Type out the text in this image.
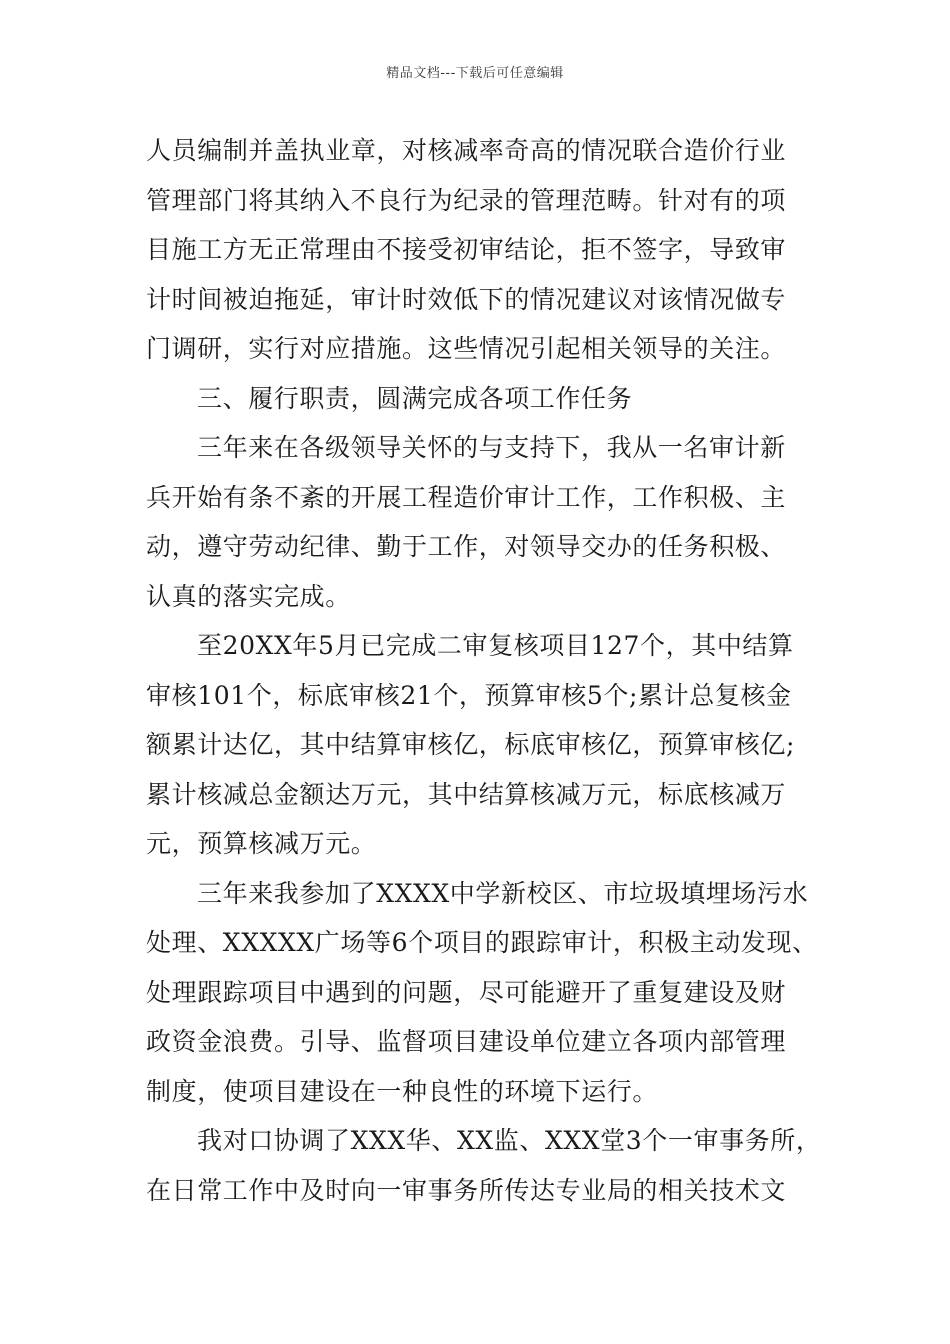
精品文档---下载后可任意编辑
人员编制并盖执业章，对核减率奇高的情况联合造价行业
管理部门将其纳入不良行为纪录的管理范畴。针对有的项
目施工方无正常理由不接受初审结论，拒不签字，导致审
计时间被迫拖延，审计时效低下的情况建议对该情况做专
门调研，实行对应措施。这些情况引起相关领导的关注。
三、履行职责，圆满完成各项工作任务
三年来在各级领导关怀的与支持下，我从一名审计新
兵开始有条不紊的开展工程造价审计工作，工作积极、主
动，遵守劳动纪律、勤于工作，对领导交办的任务积极、
认真的落实完成。
至20XX年5月已完成二审复核项目127个，其中结算
审核101个，标底审核21个，预算审核5个;累计总复核金
额累计达亿，其中结算审核亿，标底审核亿，预算审核亿;
累计核减总金额达万元，其中结算核减万元，标底核减万
元，预算核减万元。
三年来我参加了XXXX中学新校区、市垃圾填埋场污水
处理、XXXXX广场等6个项目的跟踪审计，积极主动发现、
处理跟踪项目中遇到的问题，尽可能避开了重复建设及财
政资金浪费。引导、监督项目建设单位建立各项内部管理
制度，使项目建设在一种良性的环境下运行。
我对口协调了XXX华、XX监、XXX堂3个一审事务所，
在日常工作中及时向一审事务所传达专业局的相关技术文
